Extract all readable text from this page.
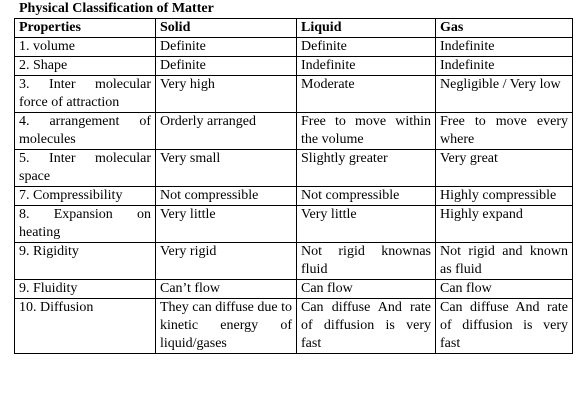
Physical Classification of Matter
Properties	Solid	Liquid	Gas
1. volume	Definite	Definite	Indefinite
2. Shape	Definite	Indefinite	Indefinite
3. Inter molecular force of attraction	Very high	Moderate	Negligible / Very low
4. arrangement of molecules	Orderly arranged	Free to move within the volume	Free to move every where
5. Inter molecular space	Very small	Slightly greater	Very great
7. Compressibility	Not compressible	Not compressible	Highly compressible
8. Expansion on heating	Very little	Very little	Highly expand
9. Rigidity	Very rigid	Not rigid knownas fluid	Not rigid and known as fluid
9. Fluidity	Can’t flow	Can flow	Can flow
10. Diffusion	They can diffuse due to kinetic energy of liquid/gases	Can diffuse And rate of diffusion is very fast	Can diffuse And rate of diffusion is very fast
